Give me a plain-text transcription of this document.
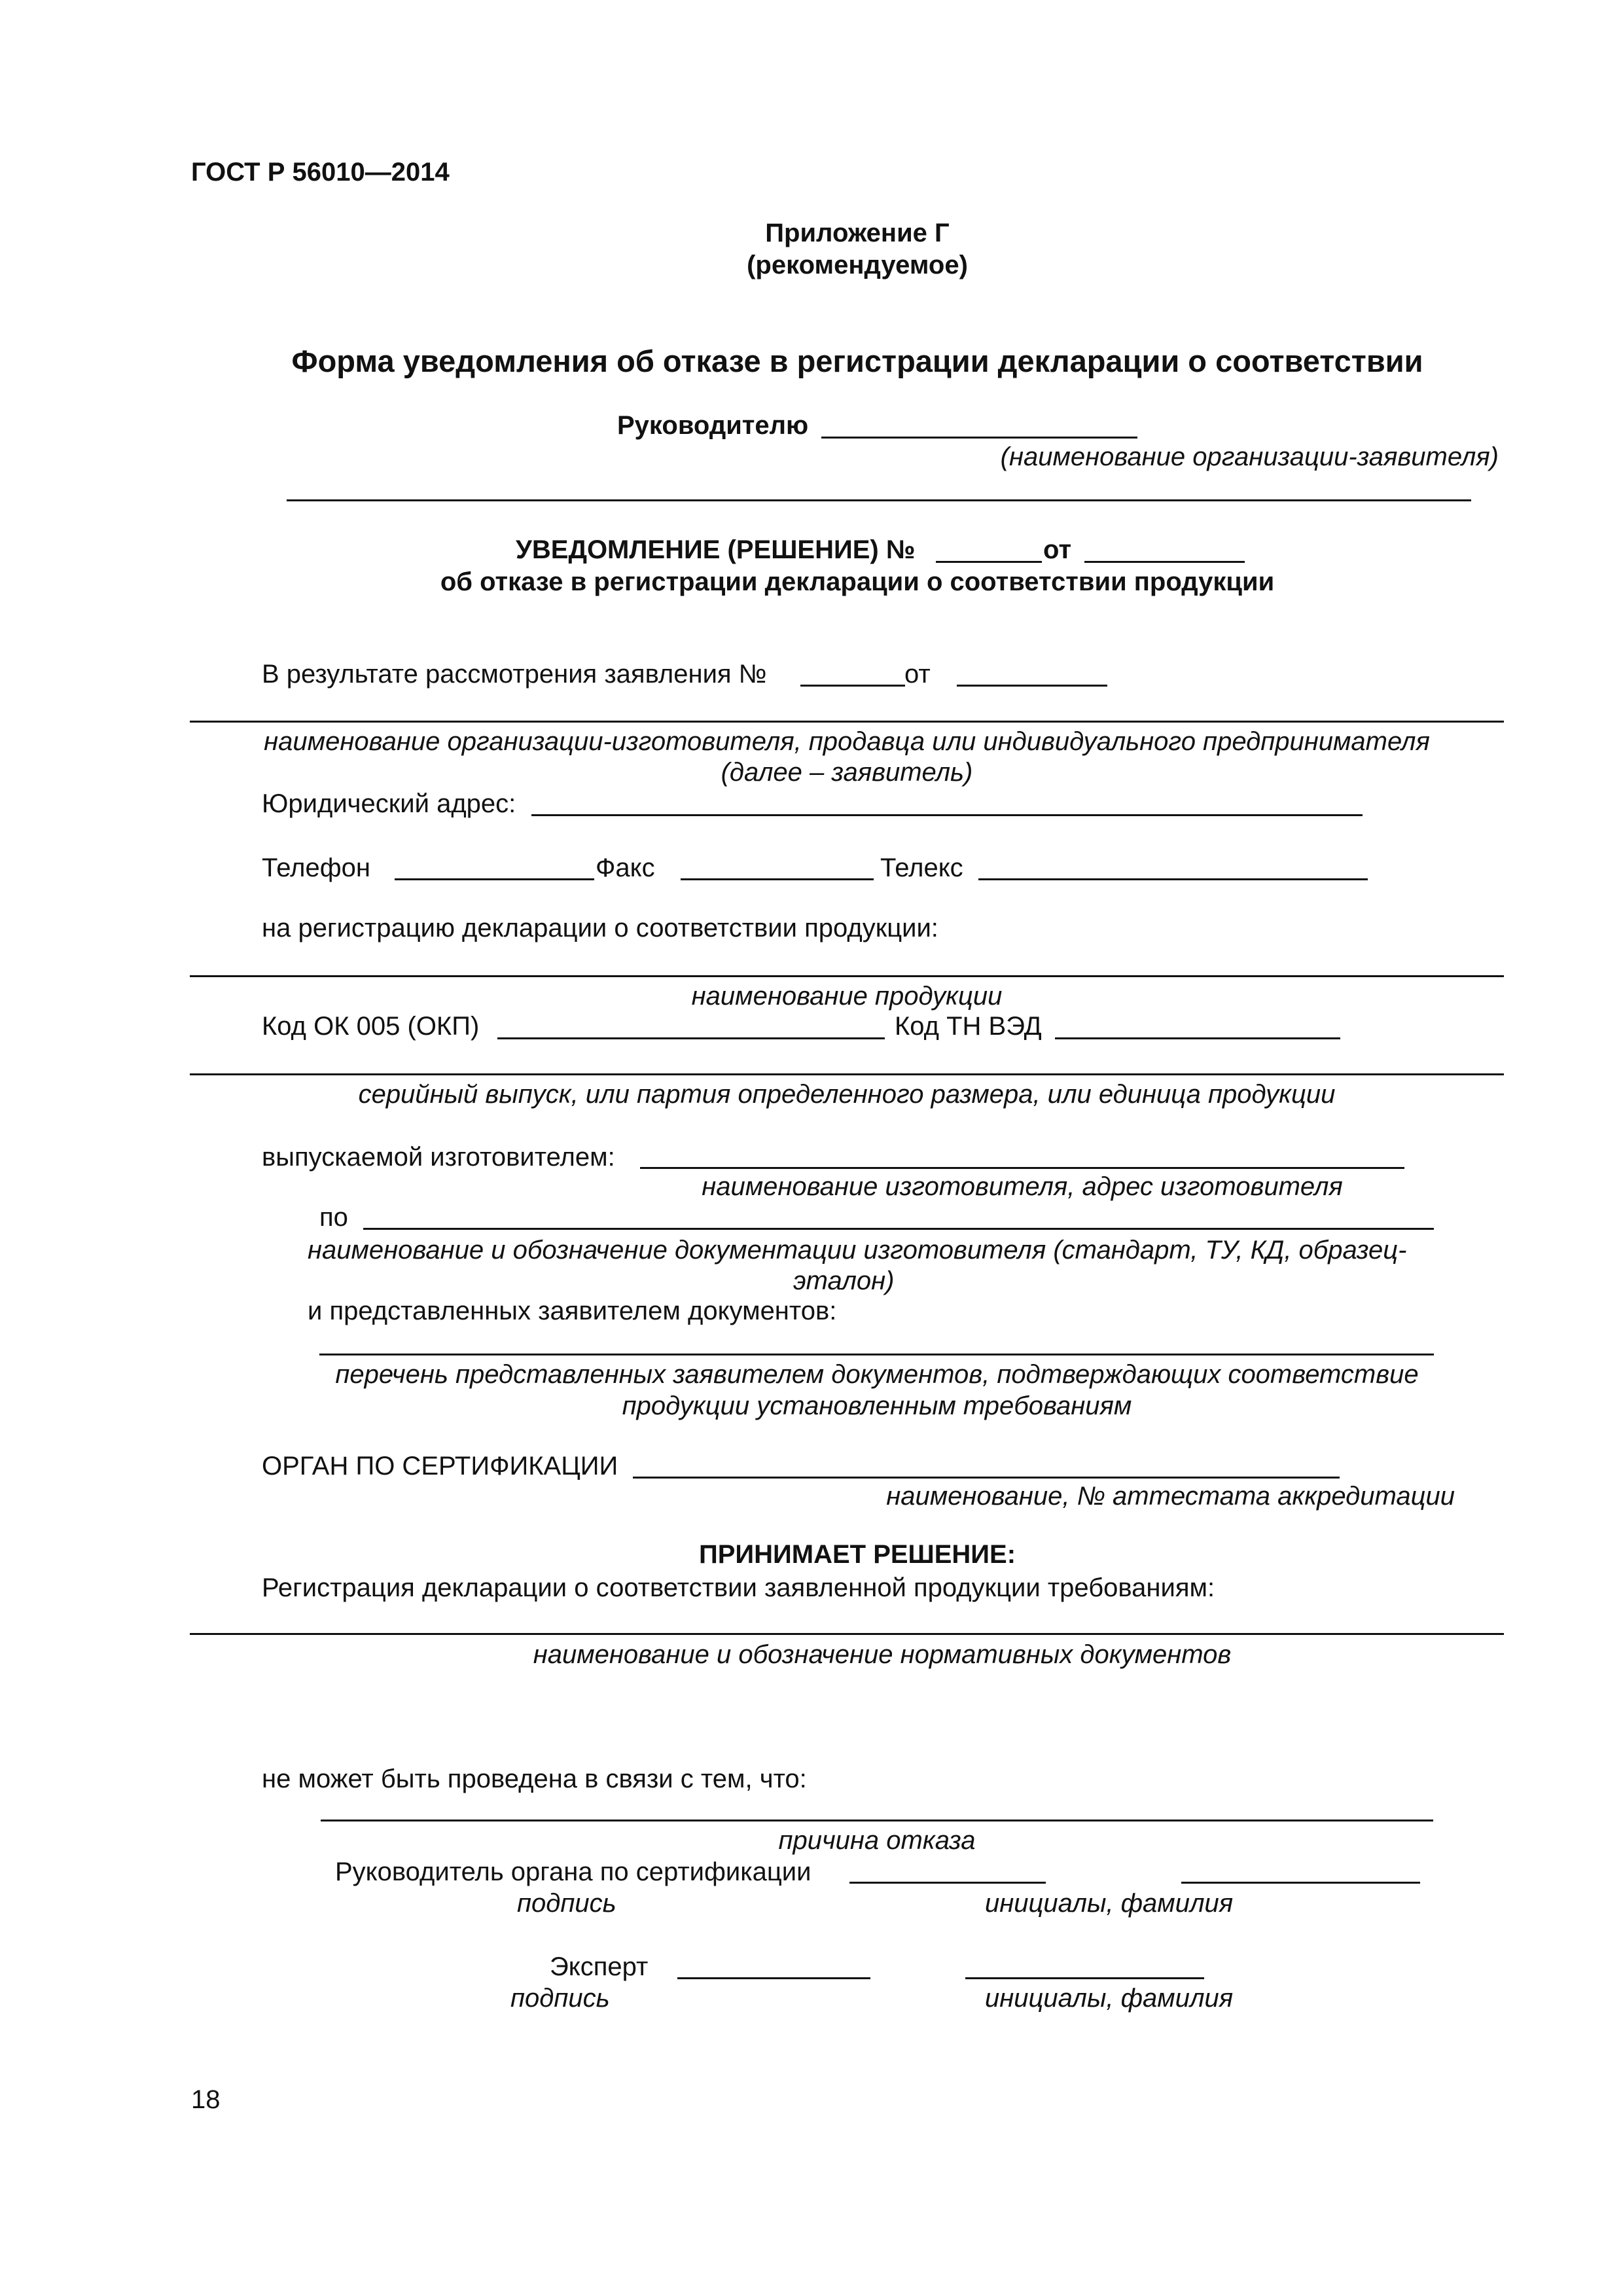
ГОСТ Р 56010—2014
Приложение Г
(рекомендуемое)
Форма уведомления об отказе в регистрации декларации о соответствии
Руководителю
(наименование организации-заявителя)
УВЕДОМЛЕНИЕ (РЕШЕНИЕ) №	от
об отказе в регистрации декларации о соответствии продукции
В результате рассмотрения заявления №	от
наименование организации-изготовителя, продавца или индивидуального предпринимателя
(далее – заявитель)
Юридический адрес:
Телефон	Факс	Телекс
на регистрацию декларации о соответствии продукции:
наименование продукции
Код ОК 005 (ОКП)	Код ТН ВЭД
серийный выпуск, или партия определенного размера, или единица продукции
выпускаемой изготовителем:
наименование изготовителя, адрес изготовителя
по
наименование и обозначение документации изготовителя (стандарт, ТУ, КД, образец-
эталон)
и представленных заявителем документов:
перечень представленных заявителем документов, подтверждающих соответствие
продукции установленным требованиям
ОРГАН ПО СЕРТИФИКАЦИИ
наименование, № аттестата аккредитации
ПРИНИМАЕТ РЕШЕНИЕ:
Регистрация декларации о соответствии заявленной продукции требованиям:
наименование и обозначение нормативных документов
не может быть проведена в связи с тем, что:
причина отказа
Руководитель органа по сертификации
подпись	инициалы, фамилия
Эксперт
подпись	инициалы, фамилия
18
